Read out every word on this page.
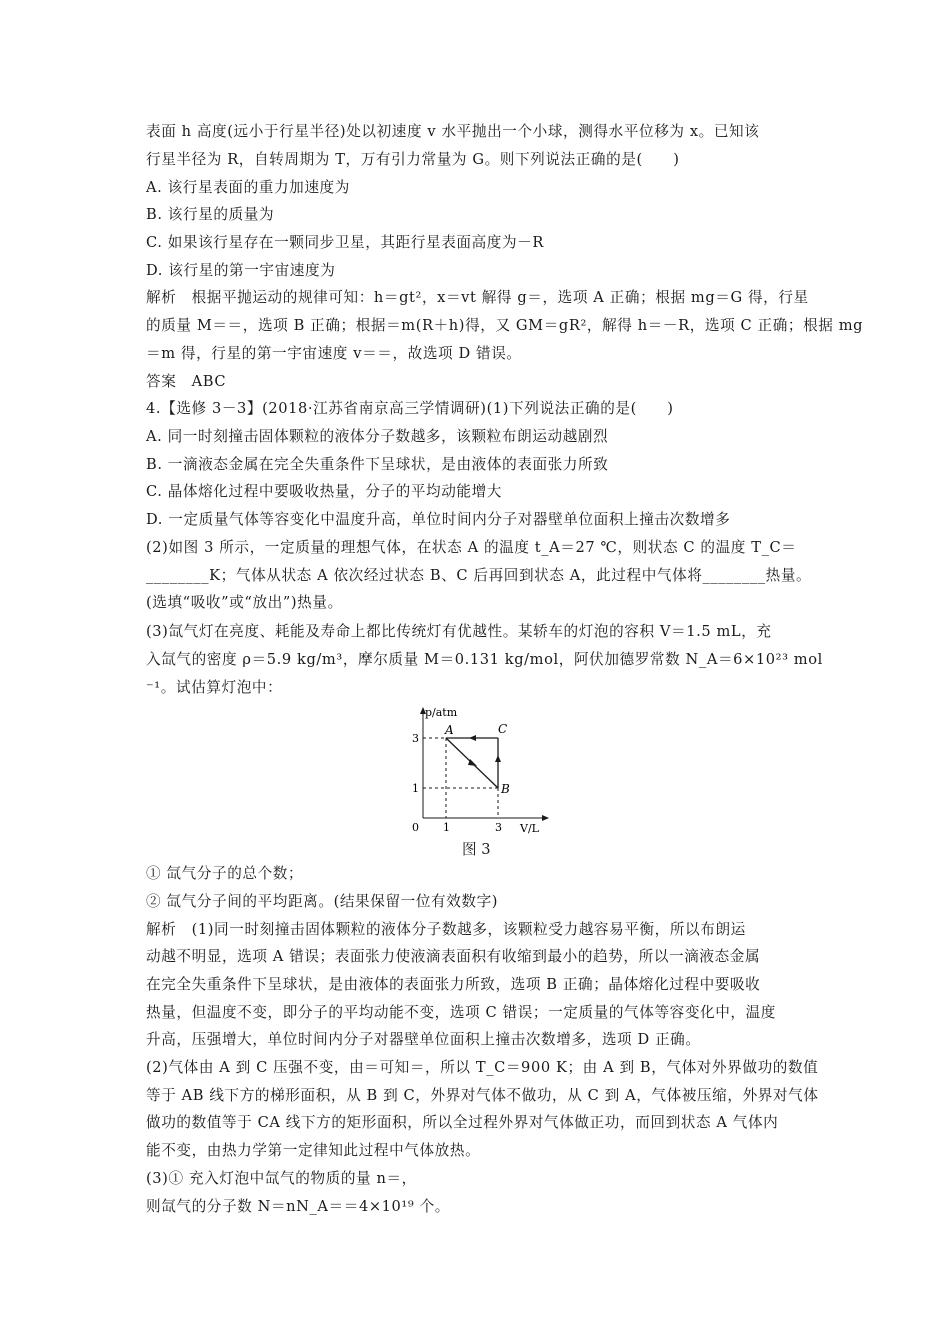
表面 h 高度(远小于行星半径)处以初速度 v 水平抛出一个小球，测得水平位移为 x。已知该
行星半径为 R，自转周期为 T，万有引力常量为 G。则下列说法正确的是(　　)
A. 该行星表面的重力加速度为
B. 该行星的质量为
C. 如果该行星存在一颗同步卫星，其距行星表面高度为－R
D. 该行星的第一宇宙速度为
解析　根据平抛运动的规律可知：h＝gt²，x＝vt 解得 g＝，选项 A 正确；根据 mg＝G 得，行星
的质量 M＝＝，选项 B 正确；根据＝m(R＋h)得，又 GM＝gR²，解得 h＝－R，选项 C 正确；根据 mg
＝m 得，行星的第一宇宙速度 v＝＝，故选项 D 错误。
答案　ABC
4.【选修 3－3】(2018·江苏省南京高三学情调研)(1)下列说法正确的是(　　)
A. 同一时刻撞击固体颗粒的液体分子数越多，该颗粒布朗运动越剧烈
B. 一滴液态金属在完全失重条件下呈球状，是由液体的表面张力所致
C. 晶体熔化过程中要吸收热量，分子的平均动能增大
D. 一定质量气体等容变化中温度升高，单位时间内分子对器壁单位面积上撞击次数增多
(2)如图 3 所示，一定质量的理想气体，在状态 A 的温度 t_A＝27 ℃，则状态 C 的温度 T_C＝
________K；气体从状态 A 依次经过状态 B、C 后再回到状态 A，此过程中气体将________热量。
(选填“吸收”或“放出”)热量。
(3)氙气灯在亮度、耗能及寿命上都比传统灯有优越性。某轿车的灯泡的容积 V＝1.5 mL，充
入氙气的密度 ρ＝5.9 kg/m³，摩尔质量 M＝0.131 kg/mol，阿伏加德罗常数 N_A＝6×10²³ mol
⁻¹。试估算灯泡中：
p/atm
V/L
0
3
1
1	3
A	C
B
图 3
① 氙气分子的总个数；
② 氙气分子间的平均距离。(结果保留一位有效数字)
解析　(1)同一时刻撞击固体颗粒的液体分子数越多，该颗粒受力越容易平衡，所以布朗运
动越不明显，选项 A 错误；表面张力使液滴表面积有收缩到最小的趋势，所以一滴液态金属
在完全失重条件下呈球状，是由液体的表面张力所致，选项 B 正确；晶体熔化过程中要吸收
热量，但温度不变，即分子的平均动能不变，选项 C 错误；一定质量的气体等容变化中，温度
升高，压强增大，单位时间内分子对器壁单位面积上撞击次数增多，选项 D 正确。
(2)气体由 A 到 C 压强不变，由＝可知＝，所以 T_C＝900 K；由 A 到 B，气体对外界做功的数值
等于 AB 线下方的梯形面积，从 B 到 C，外界对气体不做功，从 C 到 A，气体被压缩，外界对气体
做功的数值等于 CA 线下方的矩形面积，所以全过程外界对气体做正功，而回到状态 A 气体内
能不变，由热力学第一定律知此过程中气体放热。
(3)① 充入灯泡中氙气的物质的量 n＝，
则氙气的分子数 N＝nN_A＝＝4×10¹⁹ 个。
